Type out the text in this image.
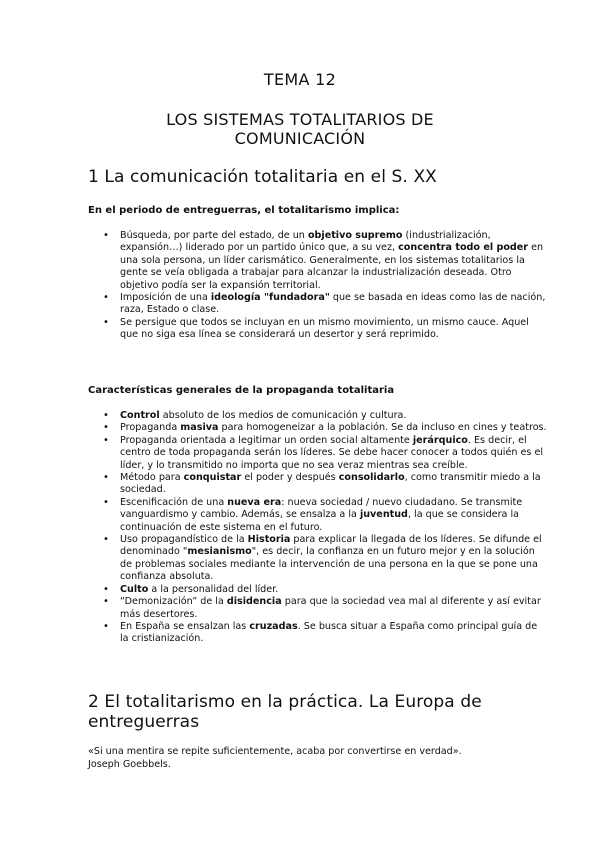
TEMA 12

LOS SISTEMAS TOTALITARIOS DE
COMUNICACIÓN

1 La comunicación totalitaria en el S. XX

En el periodo de entreguerras, el totalitarismo implica:

• Búsqueda, por parte del estado, de un objetivo supremo (industrialización, expansión…) liderado por un partido único que, a su vez, concentra todo el poder en una sola persona, un líder carismático. Generalmente, en los sistemas totalitarios la gente se veía obligada a trabajar para alcanzar la industrialización deseada. Otro objetivo podía ser la expansión territorial.
• Imposición de una ideología "fundadora" que se basada en ideas como las de nación, raza, Estado o clase.
• Se persigue que todos se incluyan en un mismo movimiento, un mismo cauce. Aquel que no siga esa línea se considerará un desertor y será reprimido.

Características generales de la propaganda totalitaria

• Control absoluto de los medios de comunicación y cultura.
• Propaganda masiva para homogeneizar a la población. Se da incluso en cines y teatros.
• Propaganda orientada a legitimar un orden social altamente jerárquico. Es decir, el centro de toda propaganda serán los líderes. Se debe hacer conocer a todos quién es el líder, y lo transmitido no importa que no sea veraz mientras sea creíble.
• Método para conquistar el poder y después consolidarlo, como transmitir miedo a la sociedad.
• Escenificación de una nueva era: nueva sociedad / nuevo ciudadano. Se transmite vanguardismo y cambio. Además, se ensalza a la juventud, la que se considera la continuación de este sistema en el futuro.
• Uso propagandístico de la Historia para explicar la llegada de los líderes. Se difunde el denominado "mesianismo", es decir, la confianza en un futuro mejor y en la solución de problemas sociales mediante la intervención de una persona en la que se pone una confianza absoluta.
• Culto a la personalidad del líder.
• “Demonización” de la disidencia para que la sociedad vea mal al diferente y así evitar más desertores.
• En España se ensalzan las cruzadas. Se busca situar a España como principal guía de la cristianización.
2 El totalitarismo en la práctica. La Europa de entreguerras

«Si una mentira se repite suficientemente, acaba por convertirse en verdad».
Joseph Goebbels.
